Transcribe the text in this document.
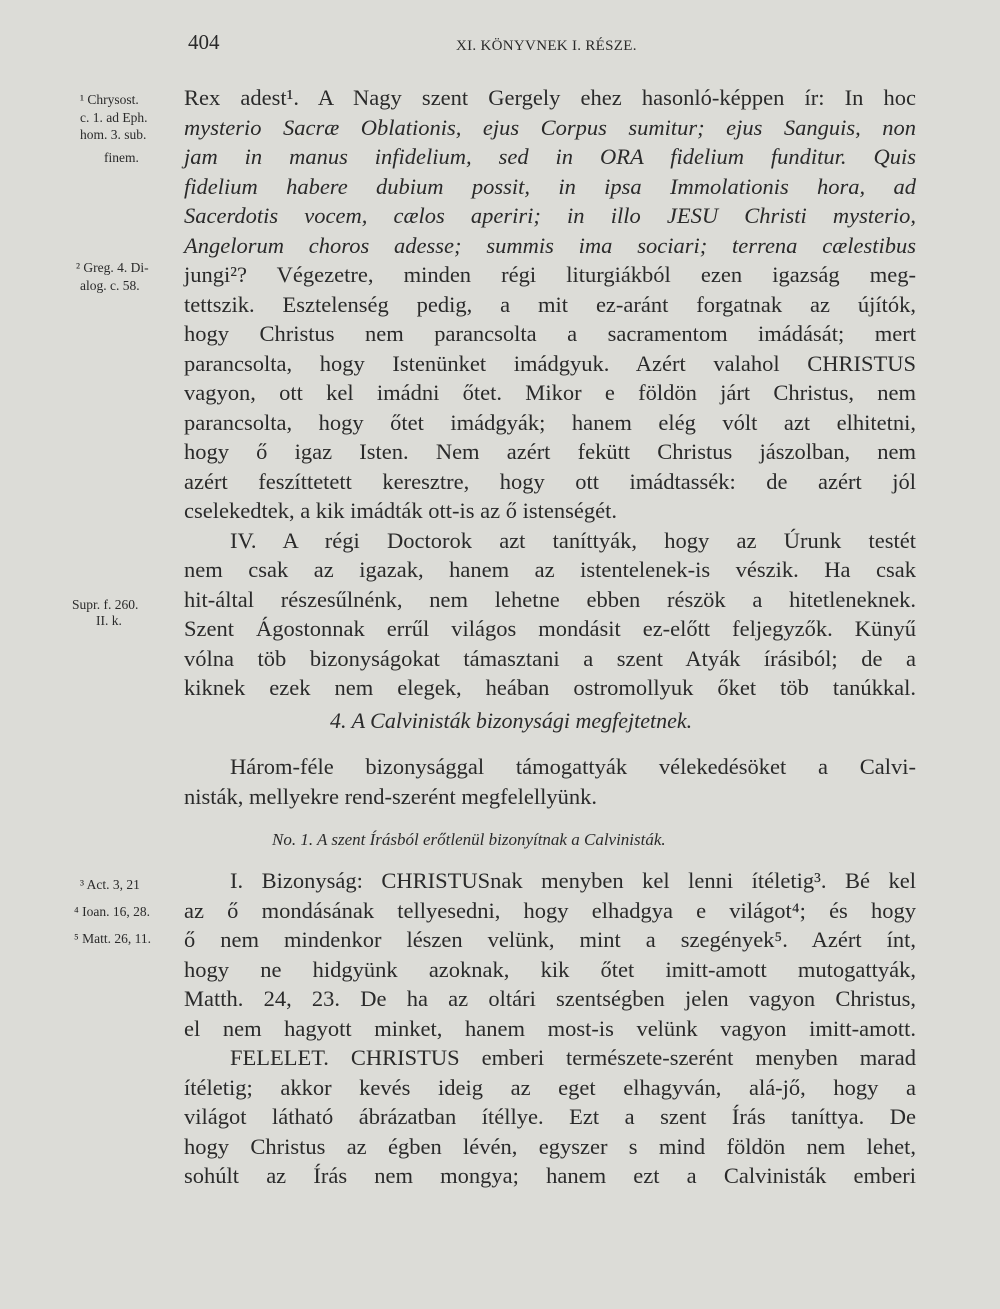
404	XI. KÖNYVNEK I. RÉSZE.
¹ Chrysost.
c. 1. ad Eph.
hom. 3. sub.
finem.
² Greg. 4. Di-
alog. c. 58.
Supr. f. 260.
II. k.
³ Act. 3, 21
⁴ Ioan. 16, 28.
⁵ Matt. 26, 11.
Rex adest¹. A Nagy szent Gergely ehez hasonló-képpen ír: In hoc
mysterio Sacræ Oblationis, ejus Corpus sumitur; ejus Sanguis, non
jam in manus infidelium, sed in ORA fidelium funditur. Quis
fidelium habere dubium possit, in ipsa Immolationis hora, ad
Sacerdotis vocem, cælos aperiri; in illo JESU Christi mysterio,
Angelorum choros adesse; summis ima sociari; terrena cælestibus
jungi²? Végezetre, minden régi liturgiákból ezen igazság meg-
tettszik. Esztelenség pedig, a mit ez-aránt forgatnak az újítók,
hogy Christus nem parancsolta a sacramentom imádását; mert
parancsolta, hogy Istenünket imádgyuk. Azért valahol CHRISTUS
vagyon, ott kel imádni őtet. Mikor e földön járt Christus, nem
parancsolta, hogy őtet imádgyák; hanem elég vólt azt elhitetni,
hogy ő igaz Isten. Nem azért fekütt Christus jászolban, nem
azért feszíttetett keresztre, hogy ott imádtassék: de azért jól
cselekedtek, a kik imádták ott-is az ő istenségét.
IV. A régi Doctorok azt taníttyák, hogy az Úrunk testét
nem csak az igazak, hanem az istentelenek-is vészik. Ha csak
hit-által részesűlnénk, nem lehetne ebben részök a hitetleneknek.
Szent Ágostonnak errűl világos mondásit ez-előtt feljegyzők. Künyű
vólna töb bizonyságokat támasztani a szent Atyák írásiból; de a
kiknek ezek nem elegek, heában ostromollyuk őket töb tanúkkal.
4. A Calvinisták bizonysági megfejtetnek.
Három-féle bizonysággal támogattyák vélekedésöket a Calvi-
nisták, mellyekre rend-szerént megfelellyünk.
No. 1. A szent Írásból erőtlenül bizonyítnak a Calvinisták.
I. Bizonyság: CHRISTUSnak menyben kel lenni ítéletig³. Bé kel
az ő mondásának tellyesedni, hogy elhadgya e világot⁴; és hogy
ő nem mindenkor lészen velünk, mint a szegények⁵. Azért ínt,
hogy ne hidgyünk azoknak, kik őtet imitt-amott mutogattyák,
Matth. 24, 23. De ha az oltári szentségben jelen vagyon Christus,
el nem hagyott minket, hanem most-is velünk vagyon imitt-amott.
FELELET. CHRISTUS emberi természete-szerént menyben marad
ítéletig; akkor kevés ideig az eget elhagyván, alá-jő, hogy a
világot látható ábrázatban ítéllye. Ezt a szent Írás taníttya. De
hogy Christus az égben lévén, egyszer s mind földön nem lehet,
sohúlt az Írás nem mongya; hanem ezt a Calvinisták emberi
